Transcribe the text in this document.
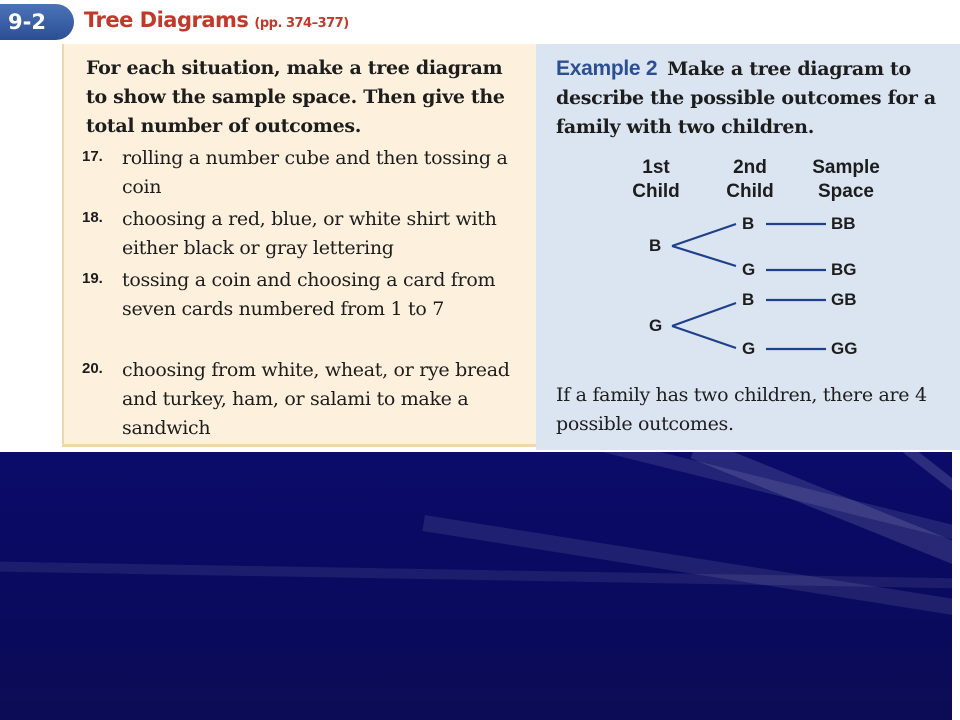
9-2	Tree Diagrams (pp. 374–377)
For each situation, make a tree diagram to show the sample space. Then give the total number of outcomes.
17. rolling a number cube and then tossing a coin
18. choosing a red, blue, or white shirt with either black or gray lettering
19. tossing a coin and choosing a card from seven cards numbered from 1 to 7
20. choosing from white, wheat, or rye bread and turkey, ham, or salami to make a sandwich
Example 2 Make a tree diagram to describe the possible outcomes for a family with two children.
1st
Child
2nd
Child
Sample
Space
B
G
B
G
B
G
BB
BG
GB
GG
If a family has two children, there are 4 possible outcomes.
